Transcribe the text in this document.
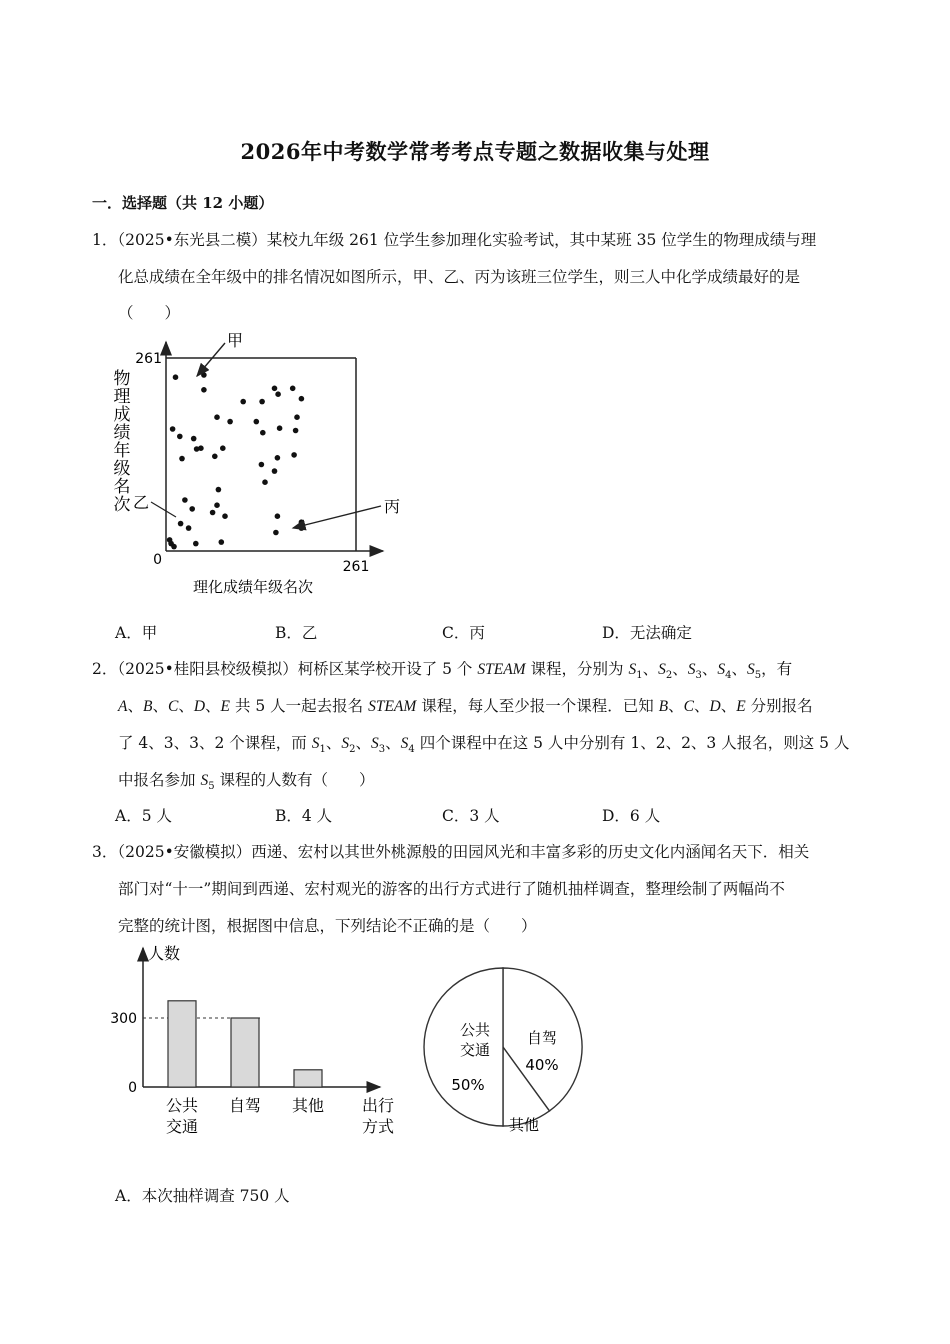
2026年中考数学常考考点专题之数据收集与处理
一．选择题（共 12 小题）
1．（2025•东光县二模）某校九年级 261 位学生参加理化实验考试，其中某班 35 位学生的物理成绩与理
化总成绩在全年级中的排名情况如图所示，甲、乙、丙为该班三位学生，则三人中化学成绩最好的是
（　　）
261
0	261
理化成绩年级名次
物理成绩年级名次
甲
乙	丙
A．甲	B．乙	C．丙	D．无法确定
2．（2025•桂阳县校级模拟）柯桥区某学校开设了 5 个 STEAM 课程，分别为 $S_1$、$S_2$、$S_3$、$S_4$、$S_5$，有
A、B、C、D、E 共 5 人一起去报名 STEAM 课程，每人至少报一个课程．已知 B、C、D、E 分别报名
了 4、3、3、2 个课程，而 $S_1$、$S_2$、$S_3$、$S_4$ 四个课程中在这 5 人中分别有 1、2、2、3 人报名，则这 5 人
中报名参加 $S_5$ 课程的人数有（　　）
A．5 人	B．4 人	C．3 人	D．6 人
3．（2025•安徽模拟）西递、宏村以其世外桃源般的田园风光和丰富多彩的历史文化内涵闻名天下．相关
部门对“十一”期间到西递、宏村观光的游客的出行方式进行了随机抽样调查，整理绘制了两幅尚不
完整的统计图，根据图中信息，下列结论不正确的是（　　）
人数
300
0
公共
交通
自驾 其他 出行
方式
公共
交通
50%
自驾
40%
其他
A．本次抽样调查 750 人
